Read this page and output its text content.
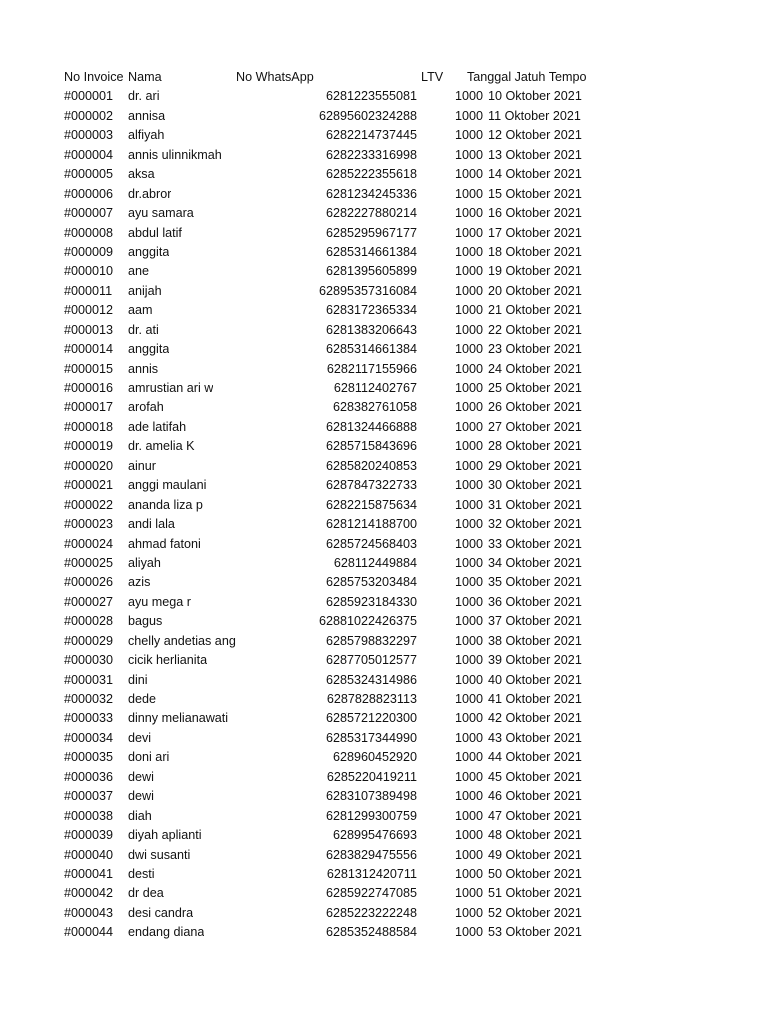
No Invoice Nama	No WhatsApp	LTV Tanggal Jatuh Tempo
#000001 dr. ari	6281223555081	1000 10 Oktober 2021
#000002 annisa	62895602324288	1000 11 Oktober 2021
#000003 alfiyah	6282214737445	1000 12 Oktober 2021
#000004 annis ulinnikmah	6282233316998	1000 13 Oktober 2021
#000005 aksa	6285222355618	1000 14 Oktober 2021
#000006 dr.abror	6281234245336	1000 15 Oktober 2021
#000007 ayu samara	6282227880214	1000 16 Oktober 2021
#000008 abdul latif	6285295967177	1000 17 Oktober 2021
#000009 anggita	6285314661384	1000 18 Oktober 2021
#000010 ane	6281395605899	1000 19 Oktober 2021
#000011 anijah	62895357316084	1000 20 Oktober 2021
#000012 aam	6283172365334	1000 21 Oktober 2021
#000013 dr. ati	6281383206643	1000 22 Oktober 2021
#000014 anggita	6285314661384	1000 23 Oktober 2021
#000015 annis	6282117155966	1000 24 Oktober 2021
#000016 amrustian ari w	628112402767	1000 25 Oktober 2021
#000017 arofah	628382761058	1000 26 Oktober 2021
#000018 ade latifah	6281324466888	1000 27 Oktober 2021
#000019 dr. amelia K	6285715843696	1000 28 Oktober 2021
#000020 ainur	6285820240853	1000 29 Oktober 2021
#000021 anggi maulani	6287847322733	1000 30 Oktober 2021
#000022 ananda liza p	6282215875634	1000 31 Oktober 2021
#000023 andi lala	6281214188700	1000 32 Oktober 2021
#000024 ahmad fatoni	6285724568403	1000 33 Oktober 2021
#000025 aliyah	628112449884	1000 34 Oktober 2021
#000026 azis	6285753203484	1000 35 Oktober 2021
#000027 ayu mega r	6285923184330	1000 36 Oktober 2021
#000028 bagus	62881022426375	1000 37 Oktober 2021
#000029 chelly andetias ang	6285798832297	1000 38 Oktober 2021
#000030 cicik herlianita	6287705012577	1000 39 Oktober 2021
#000031 dini	6285324314986	1000 40 Oktober 2021
#000032 dede	6287828823113	1000 41 Oktober 2021
#000033 dinny melianawati	6285721220300	1000 42 Oktober 2021
#000034 devi	6285317344990	1000 43 Oktober 2021
#000035 doni ari	628960452920	1000 44 Oktober 2021
#000036 dewi	6285220419211	1000 45 Oktober 2021
#000037 dewi	6283107389498	1000 46 Oktober 2021
#000038 diah	6281299300759	1000 47 Oktober 2021
#000039 diyah aplianti	628995476693	1000 48 Oktober 2021
#000040 dwi susanti	6283829475556	1000 49 Oktober 2021
#000041 desti	6281312420711	1000 50 Oktober 2021
#000042 dr dea	6285922747085	1000 51 Oktober 2021
#000043 desi candra	6285223222248	1000 52 Oktober 2021
#000044 endang diana	6285352488584	1000 53 Oktober 2021
